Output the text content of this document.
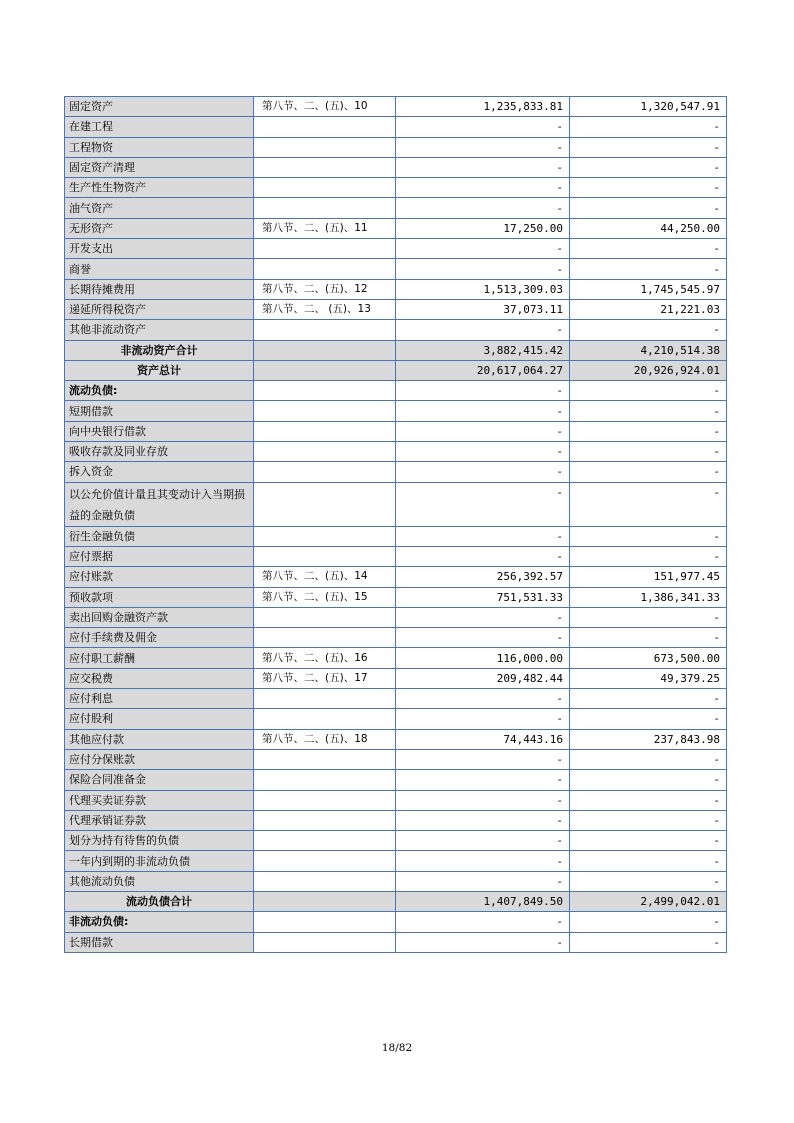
固定资产	第八节、二、(五)、10	1,235,833.81	1,320,547.91
在建工程		-	-
工程物资		-	-
固定资产清理		-	-
生产性生物资产		-	-
油气资产		-	-
无形资产	第八节、二、(五)、11	17,250.00	44,250.00
开发支出		-	-
商誉		-	-
长期待摊费用	第八节、二、(五)、12	1,513,309.03	1,745,545.97
递延所得税资产	第八节、二、 (五)、13	37,073.11	21,221.03
其他非流动资产		-	-
非流动资产合计		3,882,415.42	4,210,514.38
资产总计		20,617,064.27	20,926,924.01
流动负债:		-	-
短期借款		-	-
向中央银行借款		-	-
吸收存款及同业存放		-	-
拆入资金		-	-
以公允价值计量且其变动计入当期损益的金融负债		-	-
衍生金融负债		-	-
应付票据		-	-
应付账款	第八节、二、(五)、14	256,392.57	151,977.45
预收款项	第八节、二、(五)、15	751,531.33	1,386,341.33
卖出回购金融资产款		-	-
应付手续费及佣金		-	-
应付职工薪酬	第八节、二、(五)、16	116,000.00	673,500.00
应交税费	第八节、二、(五)、17	209,482.44	49,379.25
应付利息		-	-
应付股利		-	-
其他应付款	第八节、二、(五)、18	74,443.16	237,843.98
应付分保账款		-	-
保险合同准备金		-	-
代理买卖证券款		-	-
代理承销证券款		-	-
划分为持有待售的负债		-	-
一年内到期的非流动负债		-	-
其他流动负债		-	-
流动负债合计		1,407,849.50	2,499,042.01
非流动负债:		-	-
长期借款		-	-
18/82
